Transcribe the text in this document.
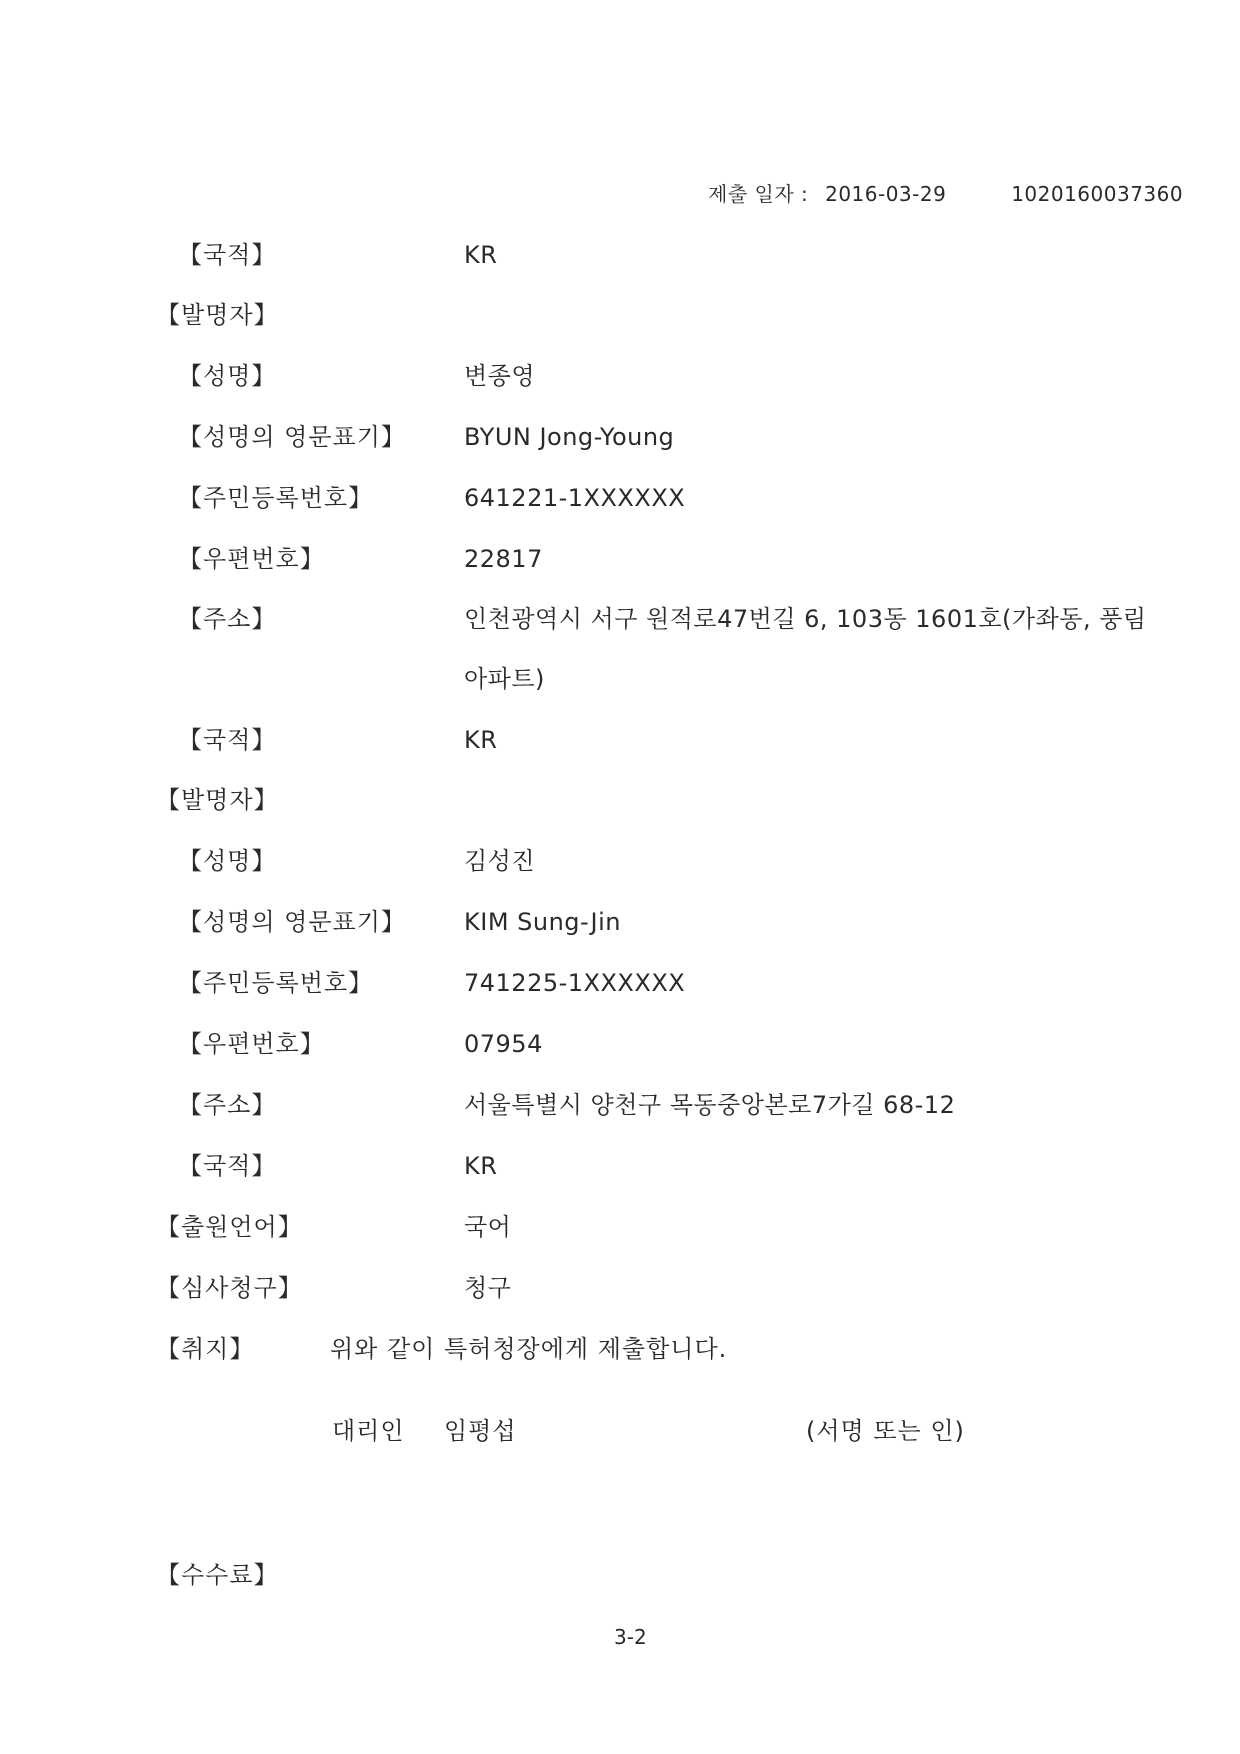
제출 일자 : 2016-03-29	1020160037360
【국적】	KR
【발명자】
【성명】	변종영
【성명의 영문표기】 BYUN Jong-Young
【주민등록번호】	641221-1XXXXXX
【우편번호】	22817
【주소】	인천광역시 서구 원적로47번길 6, 103동 1601호(가좌동, 풍림아파트)
【국적】	KR
【발명자】
【성명】	김성진
【성명의 영문표기】 KIM Sung-Jin
【주민등록번호】	741225-1XXXXXX
【우편번호】	07954
【주소】	서울특별시 양천구 목동중앙본로7가길 68-12
【국적】	KR
【출원언어】	국어
【심사청구】	청구
【취지】	위와 같이 특허청장에게 제출합니다.
대리인 임평섭	(서명 또는 인)
【수수료】
3-2
